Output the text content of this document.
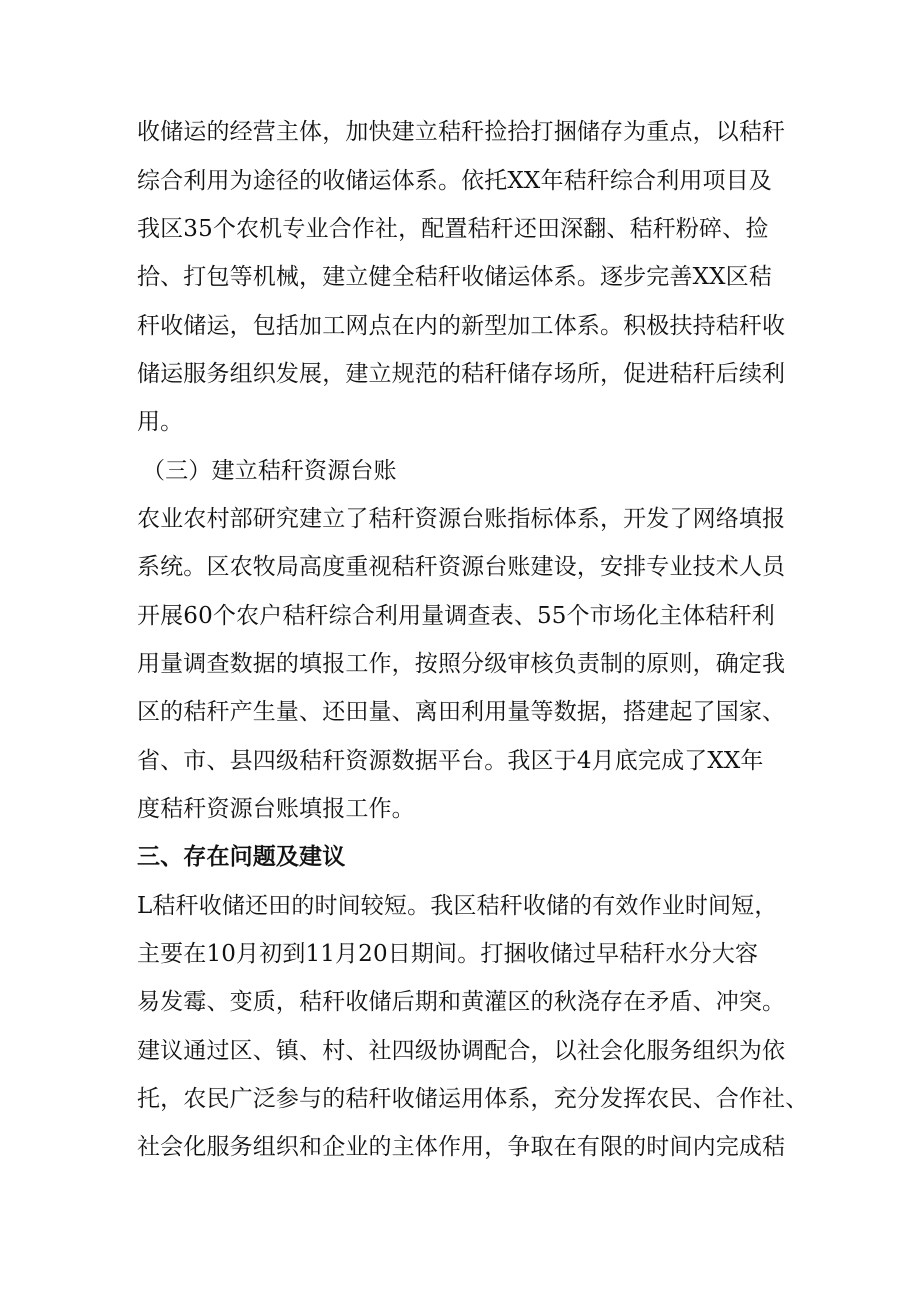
收储运的经营主体，加快建立秸秆捡拾打捆储存为重点，以秸秆
综合利用为途径的收储运体系。依托XX年秸秆综合利用项目及
我区35个农机专业合作社，配置秸秆还田深翻、秸秆粉碎、捡
拾、打包等机械，建立健全秸秆收储运体系。逐步完善XX区秸
秆收储运，包括加工网点在内的新型加工体系。积极扶持秸秆收
储运服务组织发展，建立规范的秸秆储存场所，促进秸秆后续利
用。
（三）建立秸秆资源台账
农业农村部研究建立了秸秆资源台账指标体系，开发了网络填报
系统。区农牧局高度重视秸秆资源台账建设，安排专业技术人员
开展60个农户秸秆综合利用量调查表、55个市场化主体秸秆利
用量调查数据的填报工作，按照分级审核负责制的原则，确定我
区的秸秆产生量、还田量、离田利用量等数据，搭建起了国家、
省、市、县四级秸秆资源数据平台。我区于4月底完成了XX年
度秸秆资源台账填报工作。
三、存在问题及建议
L秸秆收储还田的时间较短。我区秸秆收储的有效作业时间短，
主要在10月初到11月20日期间。打捆收储过早秸秆水分大容
易发霉、变质，秸秆收储后期和黄灌区的秋浇存在矛盾、冲突。
建议通过区、镇、村、社四级协调配合，以社会化服务组织为依
托，农民广泛参与的秸秆收储运用体系，充分发挥农民、合作社、
社会化服务组织和企业的主体作用，争取在有限的时间内完成秸
